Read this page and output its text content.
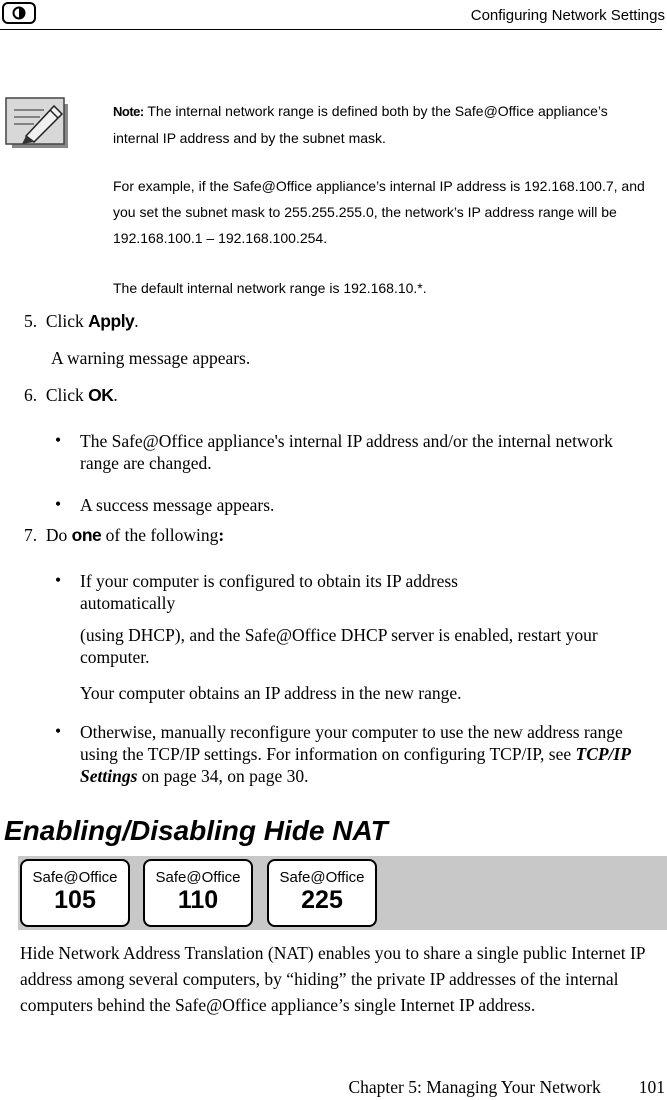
Configuring Network Settings
Note: The internal network range is defined both by the Safe@Office appliance’s internal IP address and by the subnet mask.
For example, if the Safe@Office appliance’s internal IP address is 192.168.100.7, and you set the subnet mask to 255.255.255.0, the network’s IP address range will be 192.168.100.1 – 192.168.100.254.
The default internal network range is 192.168.10.*.
5. Click Apply.
A warning message appears.
6. Click OK.
• The Safe@Office appliance's internal IP address and/or the internal network range are changed.
• A success message appears.
7. Do one of the following:
• If your computer is configured to obtain its IP address automatically
(using DHCP), and the Safe@Office DHCP server is enabled, restart your computer.
Your computer obtains an IP address in the new range.
• Otherwise, manually reconfigure your computer to use the new address range using the TCP/IP settings. For information on configuring TCP/IP, see TCP/IP Settings on page 34, on page 30.
Enabling/Disabling Hide NAT
Safe@Office
105
Safe@Office
110
Safe@Office
225
Hide Network Address Translation (NAT) enables you to share a single public Internet IP address among several computers, by “hiding” the private IP addresses of the internal computers behind the Safe@Office appliance’s single Internet IP address.
Chapter 5: Managing Your Network 101
